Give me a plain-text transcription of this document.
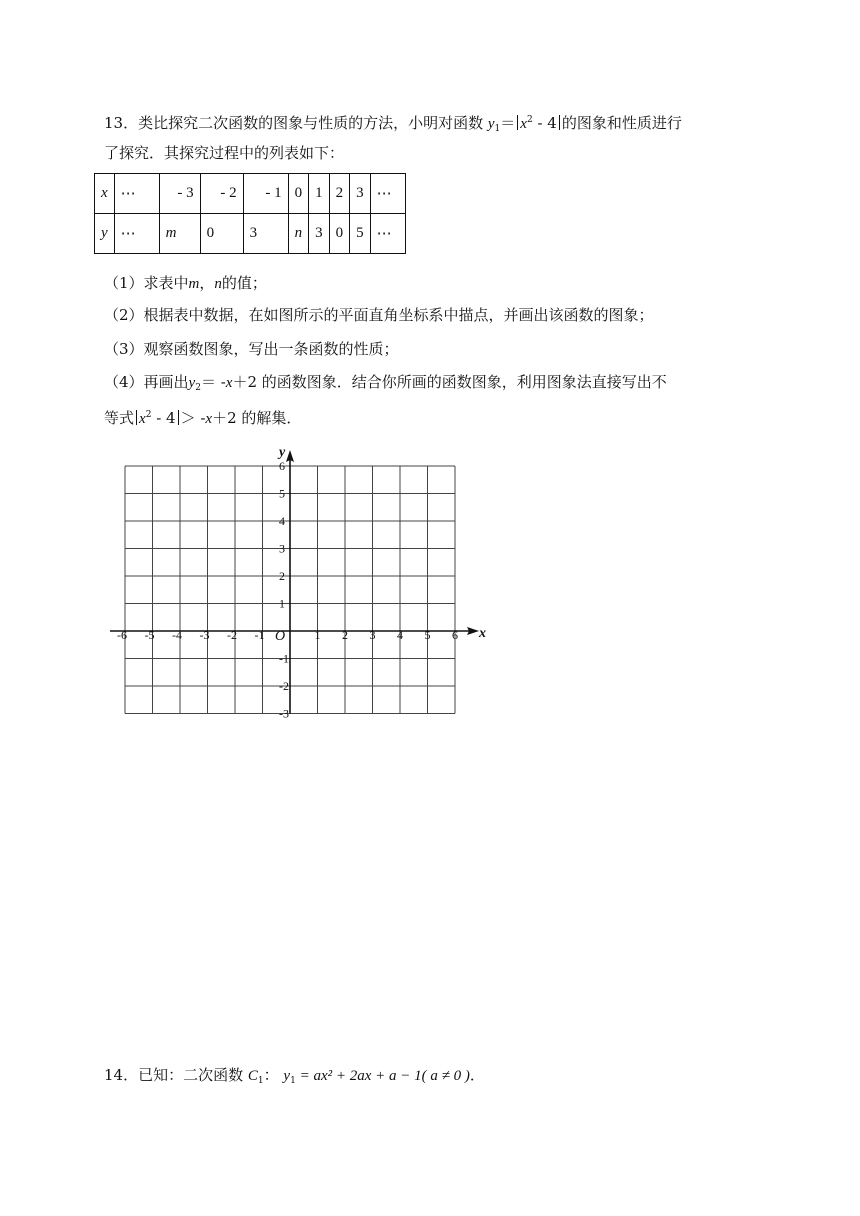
13．类比探究二次函数的图象与性质的方法，小明对函数 $y_1= x^2 - 4$ 的图象和性质进行
了探究．其探究过程中的列表如下：
x	⋯	- 3	- 2	- 1	0	1	2	3	⋯
y	⋯	m	0	3	n	3	0	5	⋯
（1）求表中m，n的值；
（2）根据表中数据，在如图所示的平面直角坐标系中描点，并画出该函数的图象；
（3）观察函数图象，写出一条函数的性质；
（4）再画出$y_2= -x+2$ 的函数图象．结合你所画的函数图象，利用图象法直接写出不
等式 $x^2 - 4 > -x+2$ 的解集．
-6 -5 -4 -3 -2 -1	1 2 3 4 5 6
6
5
4
3
2
1
-1
-2
-3
O	x
y
14．已知：二次函数 $C_1$： $y_1 = ax^2 + 2ax + a - 1$( a ≠ 0 )．
